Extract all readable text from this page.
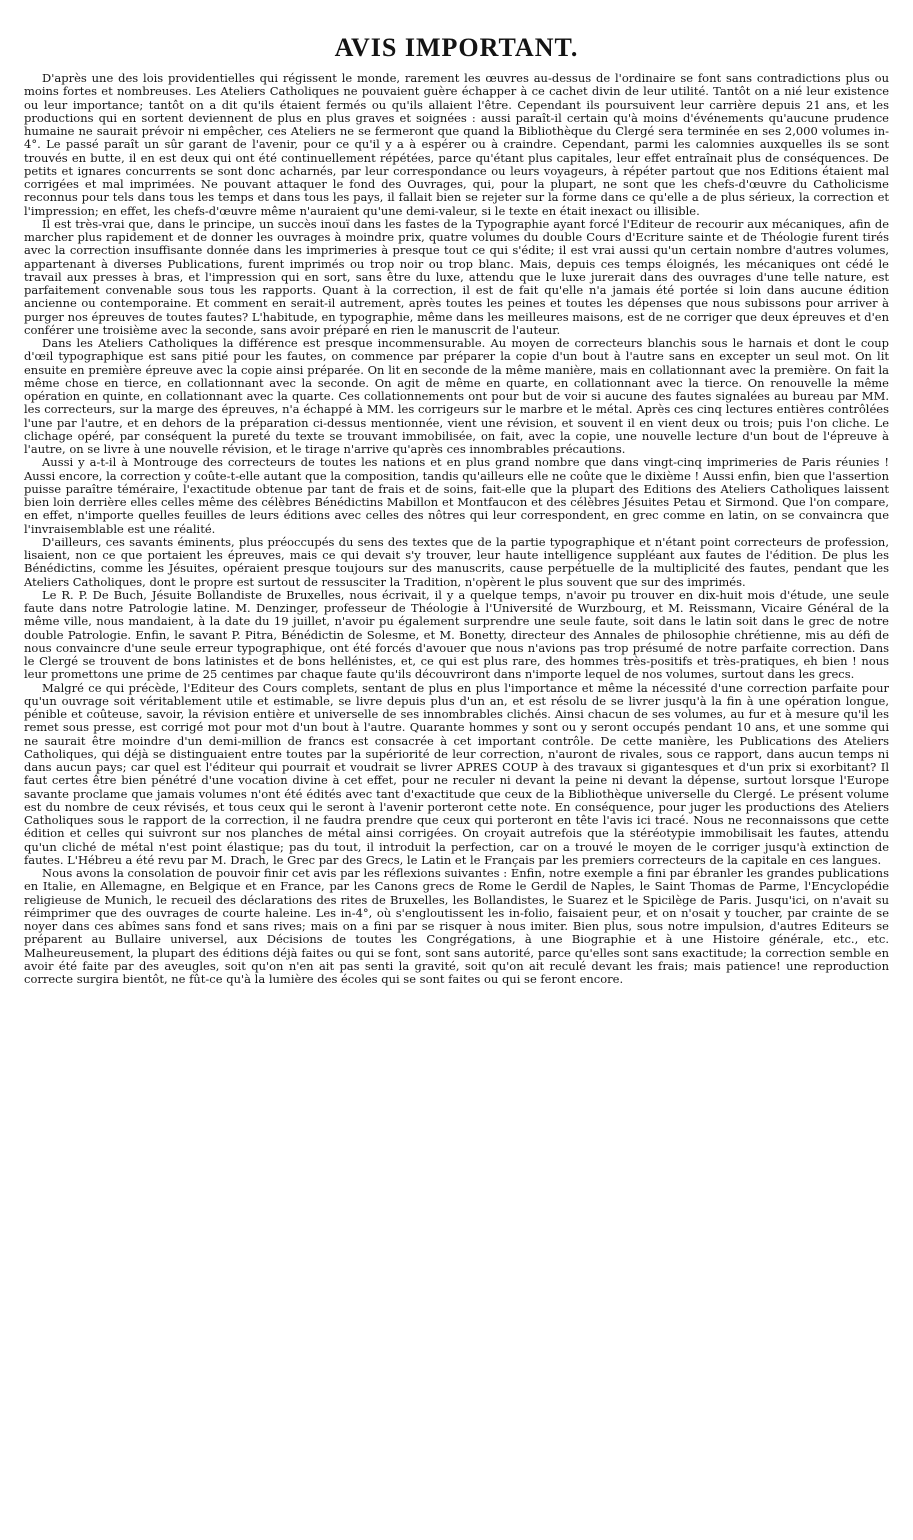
AVIS IMPORTANT.

D'après une des lois providentielles qui régissent le monde, rarement les œuvres au-dessus de l'ordinaire se font sans contradictions plus ou moins fortes et nombreuses. Les Ateliers Catholiques ne pouvaient guère échapper à ce cachet divin de leur utilité. Tantôt on a nié leur existence ou leur importance; tantôt on a dit qu'ils étaient fermés ou qu'ils allaient l'être. Cependant ils poursuivent leur carrière depuis 21 ans, et les productions qui en sortent deviennent de plus en plus graves et soignées : aussi paraît-il certain qu'à moins d'événements qu'aucune prudence humaine ne saurait prévoir ni empêcher, ces Ateliers ne se fermeront que quand la Bibliothèque du Clergé sera terminée en ses 2,000 volumes in-4°. Le passé paraît un sûr garant de l'avenir, pour ce qu'il y a à espérer ou à craindre. Cependant, parmi les calomnies auxquelles ils se sont trouvés en butte, il en est deux qui ont été continuellement répétées, parce qu'étant plus capitales, leur effet entraînait plus de conséquences. De petits et ignares concurrents se sont donc acharnés, par leur correspondance ou leurs voyageurs, à répéter partout que nos Editions étaient mal corrigées et mal imprimées. Ne pouvant attaquer le fond des Ouvrages, qui, pour la plupart, ne sont que les chefs-d'œuvre du Catholicisme reconnus pour tels dans tous les temps et dans tous les pays, il fallait bien se rejeter sur la forme dans ce qu'elle a de plus sérieux, la correction et l'impression; en effet, les chefs-d'œuvre même n'auraient qu'une demi-valeur, si le texte en était inexact ou illisible.

Il est très-vrai que, dans le principe, un succès inouï dans les fastes de la Typographie ayant forcé l'Editeur de recourir aux mécaniques, afin de marcher plus rapidement et de donner les ouvrages à moindre prix, quatre volumes du double Cours d'Ecriture sainte et de Théologie furent tirés avec la correction insuffisante donnée dans les imprimeries à presque tout ce qui s'édite; il est vrai aussi qu'un certain nombre d'autres volumes, appartenant à diverses Publications, furent imprimés ou trop noir ou trop blanc. Mais, depuis ces temps éloignés, les mécaniques ont cédé le travail aux presses à bras, et l'impression qui en sort, sans être du luxe, attendu que le luxe jurerait dans des ouvrages d'une telle nature, est parfaitement convenable sous tous les rapports. Quant à la correction, il est de fait qu'elle n'a jamais été portée si loin dans aucune édition ancienne ou contemporaine. Et comment en serait-il autrement, après toutes les peines et toutes les dépenses que nous subissons pour arriver à purger nos épreuves de toutes fautes? L'habitude, en typographie, même dans les meilleures maisons, est de ne corriger que deux épreuves et d'en conférer une troisième avec la seconde, sans avoir préparé en rien le manuscrit de l'auteur.

Dans les Ateliers Catholiques la différence est presque incommensurable. Au moyen de correcteurs blanchis sous le harnais et dont le coup d'œil typographique est sans pitié pour les fautes, on commence par préparer la copie d'un bout à l'autre sans en excepter un seul mot. On lit ensuite en première épreuve avec la copie ainsi préparée. On lit en seconde de la même manière, mais en collationnant avec la première. On fait la même chose en tierce, en collationnant avec la seconde. On agit de même en quarte, en collationnant avec la tierce. On renouvelle la même opération en quinte, en collationnant avec la quarte. Ces collationnements ont pour but de voir si aucune des fautes signalées au bureau par MM. les correcteurs, sur la marge des épreuves, n'a échappé à MM. les corrigeurs sur le marbre et le métal. Après ces cinq lectures entières contrôlées l'une par l'autre, et en dehors de la préparation ci-dessus mentionnée, vient une révision, et souvent il en vient deux ou trois; puis l'on cliche. Le clichage opéré, par conséquent la pureté du texte se trouvant immobilisée, on fait, avec la copie, une nouvelle lecture d'un bout de l'épreuve à l'autre, on se livre à une nouvelle révision, et le tirage n'arrive qu'après ces innombrables précautions.

Aussi y a-t-il à Montrouge des correcteurs de toutes les nations et en plus grand nombre que dans vingt-cinq imprimeries de Paris réunies ! Aussi encore, la correction y coûte-t-elle autant que la composition, tandis qu'ailleurs elle ne coûte que le dixième ! Aussi enfin, bien que l'assertion puisse paraître téméraire, l'exactitude obtenue par tant de frais et de soins, fait-elle que la plupart des Editions des Ateliers Catholiques laissent bien loin derrière elles celles même des célèbres Bénédictins Mabillon et Montfaucon et des célèbres Jésuites Petau et Sirmond. Que l'on compare, en effet, n'importe quelles feuilles de leurs éditions avec celles des nôtres qui leur correspondent, en grec comme en latin, on se convaincra que l'invraisemblable est une réalité.

D'ailleurs, ces savants éminents, plus préoccupés du sens des textes que de la partie typographique et n'étant point correcteurs de profession, lisaient, non ce que portaient les épreuves, mais ce qui devait s'y trouver, leur haute intelligence suppléant aux fautes de l'édition. De plus les Bénédictins, comme les Jésuites, opéraient presque toujours sur des manuscrits, cause perpétuelle de la multiplicité des fautes, pendant que les Ateliers Catholiques, dont le propre est surtout de ressusciter la Tradition, n'opèrent le plus souvent que sur des imprimés.

Le R. P. De Buch, Jésuite Bollandiste de Bruxelles, nous écrivait, il y a quelque temps, n'avoir pu trouver en dix-huit mois d'étude, une seule faute dans notre Patrologie latine. M. Denzinger, professeur de Théologie à l'Université de Wurzbourg, et M. Reissmann, Vicaire Général de la même ville, nous mandaient, à la date du 19 juillet, n'avoir pu également surprendre une seule faute, soit dans le latin soit dans le grec de notre double Patrologie. Enfin, le savant P. Pitra, Bénédictin de Solesme, et M. Bonetty, directeur des Annales de philosophie chrétienne, mis au défi de nous convaincre d'une seule erreur typographique, ont été forcés d'avouer que nous n'avions pas trop présumé de notre parfaite correction. Dans le Clergé se trouvent de bons latinistes et de bons hellénistes, et, ce qui est plus rare, des hommes très-positifs et très-pratiques, eh bien ! nous leur promettons une prime de 25 centimes par chaque faute qu'ils découvriront dans n'importe lequel de nos volumes, surtout dans les grecs.

Malgré ce qui précède, l'Editeur des Cours complets, sentant de plus en plus l'importance et même la nécessité d'une correction parfaite pour qu'un ouvrage soit véritablement utile et estimable, se livre depuis plus d'un an, et est résolu de se livrer jusqu'à la fin à une opération longue, pénible et coûteuse, savoir, la révision entière et universelle de ses innombrables clichés. Ainsi chacun de ses volumes, au fur et à mesure qu'il les remet sous presse, est corrigé mot pour mot d'un bout à l'autre. Quarante hommes y sont ou y seront occupés pendant 10 ans, et une somme qui ne saurait être moindre d'un demi-million de francs est consacrée à cet important contrôle. De cette manière, les Publications des Ateliers Catholiques, qui déjà se distinguaient entre toutes par la supériorité de leur correction, n'auront de rivales, sous ce rapport, dans aucun temps ni dans aucun pays; car quel est l'éditeur qui pourrait et voudrait se livrer APRES COUP à des travaux si gigantesques et d'un prix si exorbitant? Il faut certes être bien pénétré d'une vocation divine à cet effet, pour ne reculer ni devant la peine ni devant la dépense, surtout lorsque l'Europe savante proclame que jamais volumes n'ont été édités avec tant d'exactitude que ceux de la Bibliothèque universelle du Clergé. Le présent volume est du nombre de ceux révisés, et tous ceux qui le seront à l'avenir porteront cette note. En conséquence, pour juger les productions des Ateliers Catholiques sous le rapport de la correction, il ne faudra prendre que ceux qui porteront en tête l'avis ici tracé. Nous ne reconnaissons que cette édition et celles qui suivront sur nos planches de métal ainsi corrigées. On croyait autrefois que la stéréotypie immobilisait les fautes, attendu qu'un cliché de métal n'est point élastique; pas du tout, il introduit la perfection, car on a trouvé le moyen de le corriger jusqu'à extinction de fautes. L'Hébreu a été revu par M. Drach, le Grec par des Grecs, le Latin et le Français par les premiers correcteurs de la capitale en ces langues.

Nous avons la consolation de pouvoir finir cet avis par les réflexions suivantes : Enfin, notre exemple a fini par ébranler les grandes publications en Italie, en Allemagne, en Belgique et en France, par les Canons grecs de Rome le Gerdil de Naples, le Saint Thomas de Parme, l'Encyclopédie religieuse de Munich, le recueil des déclarations des rites de Bruxelles, les Bollandistes, le Suarez et le Spicilège de Paris. Jusqu'ici, on n'avait su réimprimer que des ouvrages de courte haleine. Les in-4°, où s'engloutissent les in-folio, faisaient peur, et on n'osait y toucher, par crainte de se noyer dans ces abîmes sans fond et sans rives; mais on a fini par se risquer à nous imiter. Bien plus, sous notre impulsion, d'autres Editeurs se préparent au Bullaire universel, aux Décisions de toutes les Congrégations, à une Biographie et à une Histoire générale, etc., etc. Malheureusement, la plupart des éditions déjà faites ou qui se font, sont sans autorité, parce qu'elles sont sans exactitude; la correction semble en avoir été faite par des aveugles, soit qu'on n'en ait pas senti la gravité, soit qu'on ait reculé devant les frais; mais patience! une reproduction correcte surgira bientôt, ne fût-ce qu'à la lumière des écoles qui se sont faites ou qui se feront encore.
